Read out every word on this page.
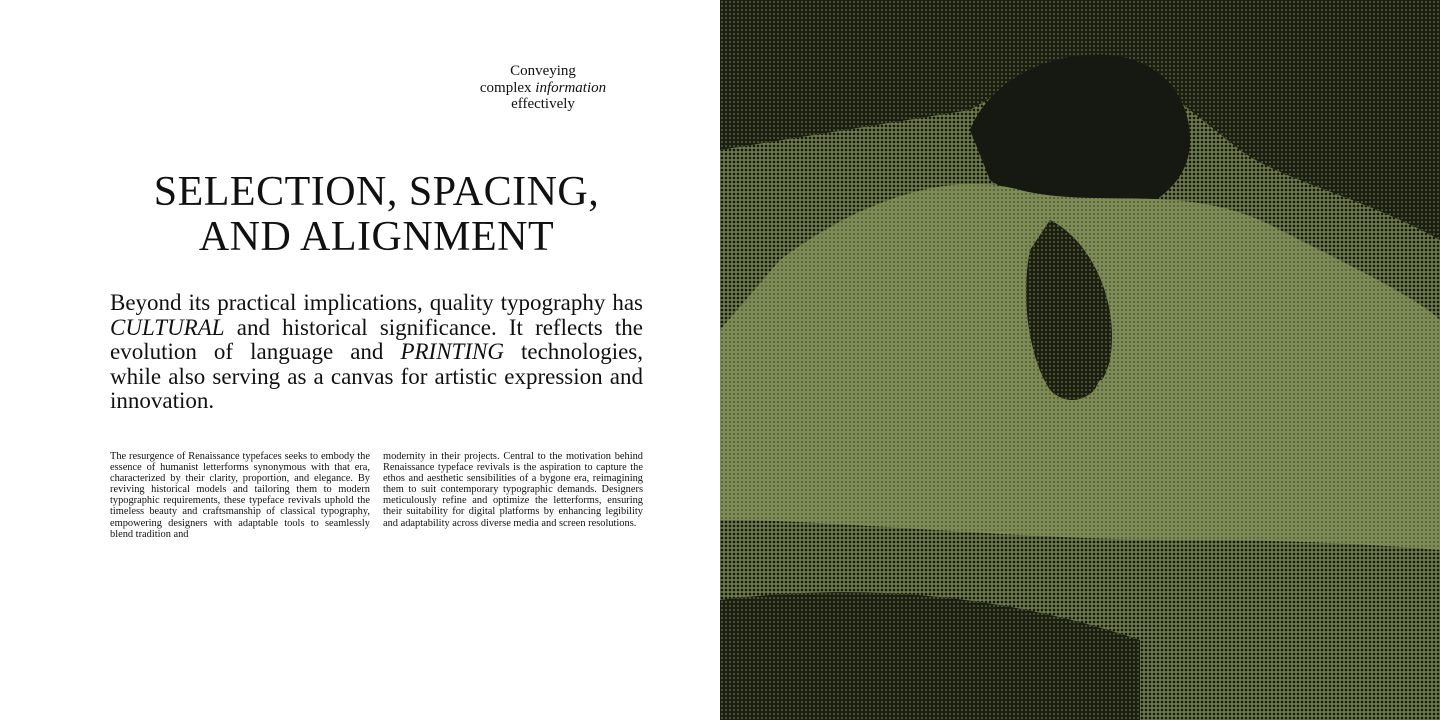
Conveying
complex information
effectively
SELECTION, SPACING,
AND ALIGNMENT

Beyond its practical implications, quality typography has CULTURAL and historical significance. It reflects the evolution of language and PRINTING technologies, while also serving as a canvas for artistic expression and innovation.

The resurgence of Renaissance typefaces seeks to embody the essence of humanist letterforms synonymous with that era, characterized by their clarity, proportion, and elegance. By reviving historical models and tailoring them to modern typographic requirements, these typeface revivals uphold the timeless beauty and craftsmanship of classical typography, empowering designers with adaptable tools to seamlessly blend tradition and

modernity in their projects. Central to the motivation behind Renaissance typeface revivals is the aspiration to capture the ethos and aesthetic sensibilities of a bygone era, reimagining them to suit contemporary typographic demands. Designers meticulously refine and optimize the letterforms, ensuring their suitability for digital platforms by enhancing legibility and adaptability across diverse media and screen resolutions.
